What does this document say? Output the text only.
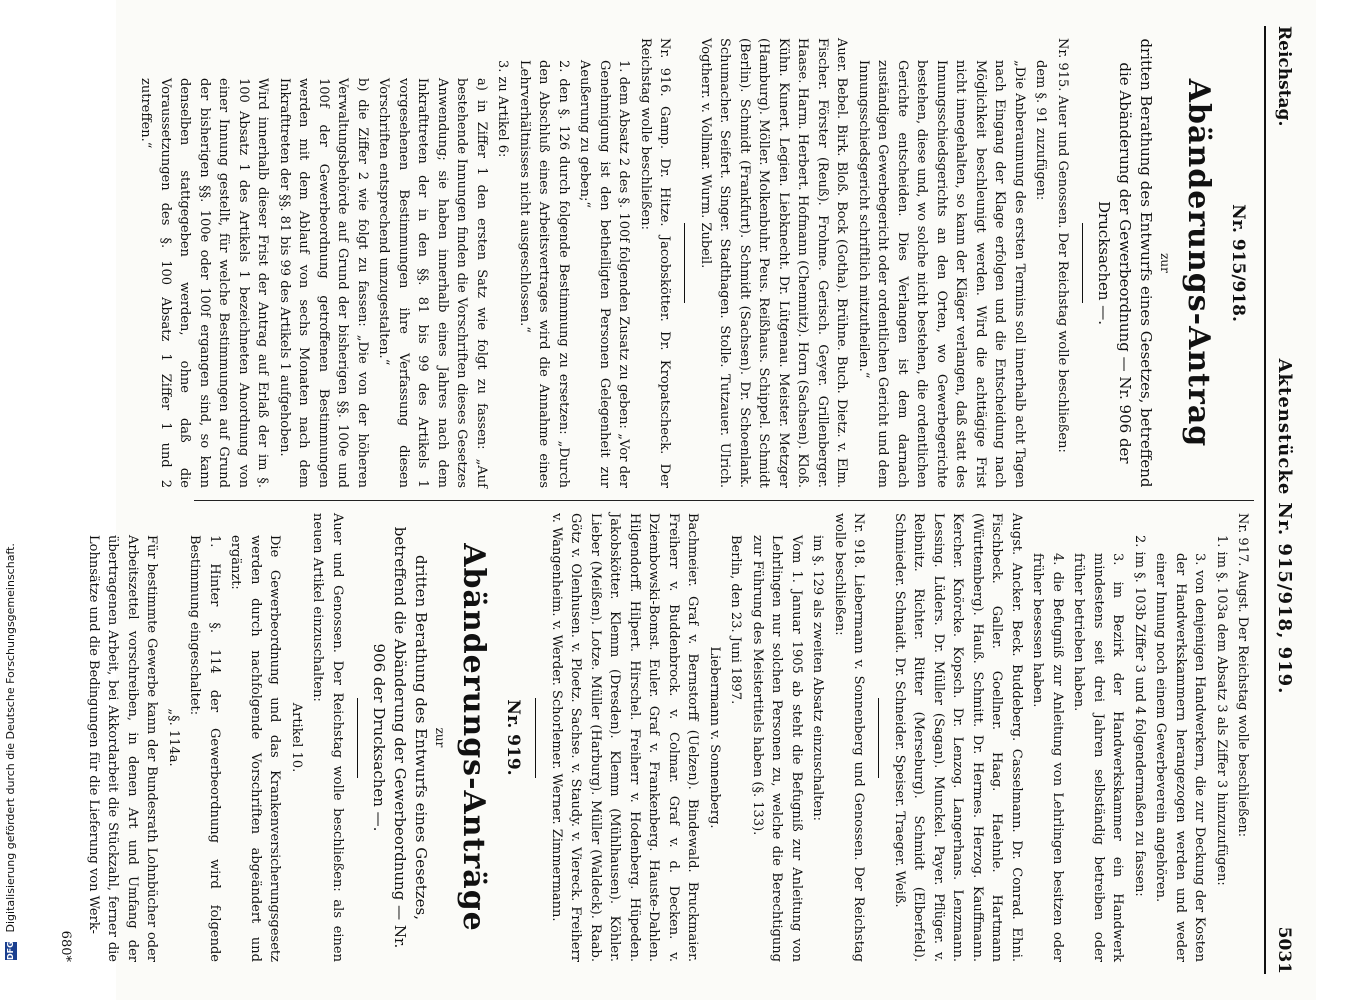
Reichstag.
Aktenstücke Nr. 915/918, 919.
5031
Nr. 915/918.
Abänderungs-Antrag
zur
dritten Berathung des Entwurfs eines Gesetzes, betreffend die Abänderung der Gewerbeordnung — Nr. 906 der Drucksachen —.

Nr. 915. Auer und Genossen. Der Reichstag wolle beschließen:

dem §. 91 zuzufügen:

„Die Anberaumung des ersten Termins soll innerhalb acht Tagen nach Eingang der Klage erfolgen und die Entscheidung nach Möglichkeit beschleunigt werden. Wird die achttägige Frist nicht innegehalten, so kann der Kläger verlangen, daß statt des Innungsschiedsgerichts an den Orten, wo Gewerbegerichte bestehen, diese und, wo solche nicht bestehen, die ordentlichen Gerichte entscheiden. Dies Verlangen ist dem darnach zuständigen Gewerbegericht oder ordentlichen Gericht und dem Innungsschiedsgericht schriftlich mitzutheilen.“

Auer. Bebel. Birk. Bloß. Bock (Gotha). Brühne. Buch. Dietz. v. Elm. Fischer. Förster (Reuß). Frohme. Gerisch. Geyer. Grillenberger. Haase. Harm. Herbert. Hofmann (Chemnitz). Horn (Sachsen). Kloß. Kühn. Kunert. Legien. Liebknecht. Dr. Lütgenau. Meister. Metzger (Hamburg). Möller. Molkenbuhr. Peus. Reißhaus. Schippel. Schmidt (Berlin). Schmidt (Frankfurt). Schmidt (Sachsen). Dr. Schoenlank. Schumacher. Seifert. Singer. Stadthagen. Stolle. Tutzauer. Ulrich. Vogtherr. v. Vollmar. Wurm. Zubeil.

Nr. 916. Gamp. Dr. Hitze. Jacobskötter. Dr. Kropatscheck. Der Reichstag wolle beschließen:

1. dem Absatz 2 des §. 100f folgenden Zusatz zu geben: „Vor der Genehmigung ist den betheiligten Personen Gelegenheit zur Aeußerung zu geben;“

2. den §. 126 durch folgende Bestimmung zu ersetzen: „Durch den Abschluß eines Arbeitsvertrages wird die Annahme eines Lehrverhältnisses nicht ausgeschlossen.“

3. zu Artikel 6:

a) in Ziffer 1 den ersten Satz wie folgt zu fassen: „Auf bestehende Innungen finden die Vorschriften dieses Gesetzes Anwendung; sie haben innerhalb eines Jahres nach dem Inkrafttreten der in den §§. 81 bis 99 des Artikels 1 vorgesehenen Bestimmungen ihre Verfassung diesen Vorschriften entsprechend umzugestalten.“

b) die Ziffer 2 wie folgt zu fassen: „Die von der höheren Verwaltungsbehörde auf Grund der bisherigen §§. 100e und 100f der Gewerbeordnung getroffenen Bestimmungen werden mit dem Ablauf von sechs Monaten nach dem Inkrafttreten der §§. 81 bis 99 des Artikels 1 aufgehoben.

Wird innerhalb dieser Frist der Antrag auf Erlaß der im §. 100 Absatz 1 des Artikels 1 bezeichneten Anordnung von einer Innung gestellt, für welche Bestimmungen auf Grund der bisherigen §§. 100e oder 100f ergangen sind, so kann denselben stattgegeben werden, ohne daß die Voraussetzungen des §. 100 Absatz 1 Ziffer 1 und 2 zutreffen.“

Nr. 917. Augst. Der Reichstag wolle beschließen:

1. im §. 103a dem Absatz 3 als Ziffer 3 hinzuzufügen:

3. von denjenigen Handwerkern, die zur Deckung der Kosten der Handwerkskammern herangezogen werden und weder einer Innung noch einem Gewerbeverein angehören.

2. im §. 103b Ziffer 3 und 4 folgendermaßen zu fassen:

3. im Bezirk der Handwerkskammer ein Handwerk mindestens seit drei Jahren selbständig betreiben oder früher betrieben haben.

4. die Befugniß zur Anleitung von Lehrlingen besitzen oder früher besessen haben.

Augst. Ancker. Beck. Buddeberg. Casselmann. Dr. Conrad. Ehni. Fischbeck. Galler. Goellner. Haag. Haehnle. Hartmann (Württemberg). Hauß. Schmitt. Dr. Hermes. Herzog. Kauffmann. Kercher. Knörcke. Kopsch. Dr. Lenzog. Langerhans. Lenzmann. Lessing. Lüders. Dr. Müller (Sagan). Munckel. Payer. Pflüger. v. Reibnitz. Richter. Ritter (Merseburg). Schmidt (Elberfeld). Schmieder. Schnaidt. Dr. Schneider. Speiser. Traeger. Weiß.

Nr. 918. Liebermann v. Sonnenberg und Genossen. Der Reichstag wolle beschließen:

im §. 129 als zweiten Absatz einzuschalten:

Vom 1. Januar 1905 ab steht die Befugniß zur Anleitung von Lehrlingen nur solchen Personen zu, welche die Berechtigung zur Führung des Meistertitels haben (§. 133).

Berlin, den 23. Juni 1897.

Liebermann v. Sonnenberg.

Bachmeier. Graf v. Bernstorff (Uelzen). Bindewald. Bruckmaier. Freiherr v. Buddenbrock. v. Colmar. Graf v. d. Decken. v. Dziembowski-Bomst. Euler. Graf v. Frankenberg. Hauste-Dahlen. Hilgendorff. Hilpert. Hirschel. Freiherr v. Hodenberg. Hüpeden. Jakobskötter. Klemm (Dresden). Klemm (Mühlhausen). Köhler. Lieber (Meißen). Lotze. Müller (Harburg). Müller (Waldeck). Raab. Götz v. Olenhusen. v. Ploetz. Sachse. v. Staudy. v. Viereck. Freiherr v. Wangenheim. v. Werder. Schorlemer. Werner. Zimmermann.

Nr. 919.
Abänderungs-Anträge
zur
dritten Berathung des Entwurfs eines Gesetzes, betreffend die Abänderung der Gewerbeordnung — Nr. 906 der Drucksachen —.

Auer und Genossen. Der Reichstag wolle beschließen: als einen neuen Artikel einzuschalten:

Artikel 10.

Die Gewerbeordnung und das Krankenversicherungsgesetz werden durch nachfolgende Vorschriften abgeändert und ergänzt:

1. Hinter §. 114 der Gewerbeordnung wird folgende Bestimmung eingeschaltet:

„§. 114a.

Für bestimmte Gewerbe kann der Bundesrath Lohnbücher oder Arbeitszettel vorschreiben, in denen Art und Umfang der übertragenen Arbeit, bei Akkordarbeit die Stückzahl, ferner die Lohnsätze und die Bedingungen für die Lieferung von Werk-

680*
DFG Digitalisierung gefördert durch die Deutsche Forschungsgemeinschaft.
